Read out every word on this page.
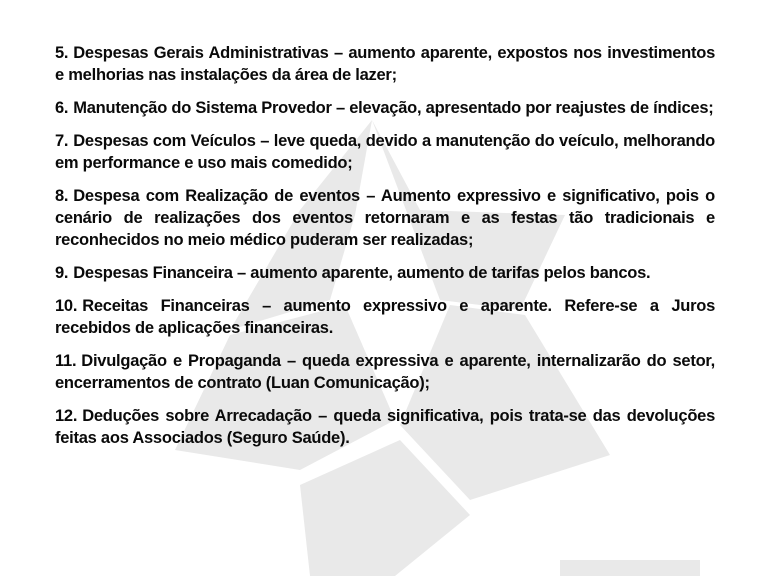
5. Despesas Gerais Administrativas – aumento aparente, expostos nos investimentos e melhorias nas instalações da área de lazer;

6. Manutenção do Sistema Provedor – elevação, apresentado por reajustes de índices;

7. Despesas com Veículos – leve queda, devido a manutenção do veículo, melhorando em performance e uso mais comedido;

8. Despesa com Realização de eventos – Aumento expressivo e significativo, pois o cenário de realizações dos eventos retornaram e as festas tão tradicionais e reconhecidos no meio médico puderam ser realizadas;

9. Despesas Financeira – aumento aparente, aumento de tarifas pelos bancos.

10. Receitas Financeiras – aumento expressivo e aparente. Refere-se a Juros recebidos de aplicações financeiras.

11. Divulgação e Propaganda – queda expressiva e aparente, internalizarão do setor, encerramentos de contrato (Luan Comunicação);

12. Deduções sobre Arrecadação – queda significativa, pois trata-se das devoluções feitas aos Associados (Seguro Saúde).
